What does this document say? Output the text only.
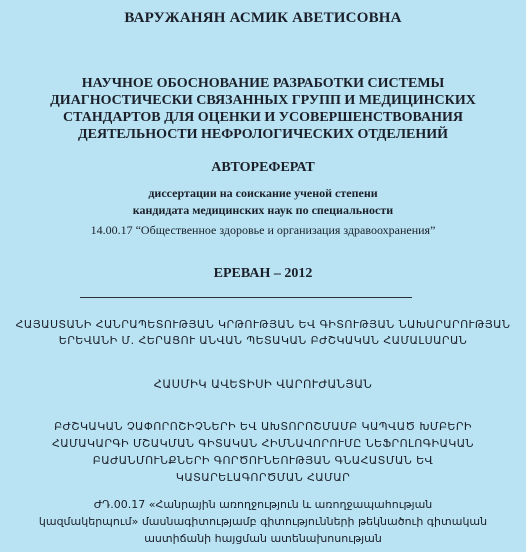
ВАРУЖАНЯН АСМИК АВЕТИСОВНА
НАУЧНОЕ ОБОСНОВАНИЕ РАЗРАБОТКИ СИСТЕМЫ
ДИАГНОСТИЧЕСКИ СВЯЗАННЫХ ГРУПП И МЕДИЦИНСКИХ
СТАНДАРТОВ ДЛЯ ОЦЕНКИ И УСОВЕРШЕНСТВОВАНИЯ
ДЕЯТЕЛЬНОСТИ НЕФРОЛОГИЧЕСКИХ ОТДЕЛЕНИЙ
АВТОРЕФЕРАТ
диссертации на соискание ученой степени
кандидата медицинских наук по специальности
14.00.17 “Общественное здоровье и организация здравоохранения”
ЕРЕВАН – 2012
ՀԱՅԱՍՏԱՆԻ ՀԱՆՐԱՊԵՏՈՒԹՅԱՆ ԿՐԹՈՒԹՅԱՆ ԵՎ ԳԻՏՈՒԹՅԱՆ ՆԱԽԱՐԱՐՈՒԹՅԱՆ
ԵՐԵՎԱՆԻ Մ. ՀԵՐԱՑՈՒ ԱՆՎԱՆ ՊԵՏԱԿԱՆ ԲԺՇԿԱԿԱՆ ՀԱՄԱԼՍԱՐԱՆ
ՀԱՍՄԻԿ ԱՎԵՏԻՍԻ ՎԱՐՈՒԺԱՆՅԱՆ
ԲԺՇԿԱԿԱՆ ՉԱՓՈՐՈՇԻՉՆԵՐԻ ԵՎ ԱԽՏՈՐՈՇՄԱՄԲ ԿԱՊՎԱԾ ԽՄԲԵՐԻ
ՀԱՄԱԿԱՐԳԻ ՄՇԱԿՄԱՆ ԳԻՏԱԿԱՆ ՀԻՄՆԱՎՈՐՈՒՄԸ ՆԵՖՐՈԼՈԳԻԱԿԱՆ
ԲԱԺԱՆՄՈՒՆՔՆԵՐԻ ԳՈՐԾՈՒՆԵՈՒԹՅԱՆ ԳՆԱՀԱՏՄԱՆ ԵՎ
ԿԱՏԱՐԵԼԱԳՈՐԾՄԱՆ ՀԱՄԱՐ
ԺԴ.00.17 «Հանրային առողջություն և առողջապահության
կազմակերպում» մասնագիտությամբ գիտությունների թեկնածուի գիտական
աստիճանի հայցման ատենախոսության
